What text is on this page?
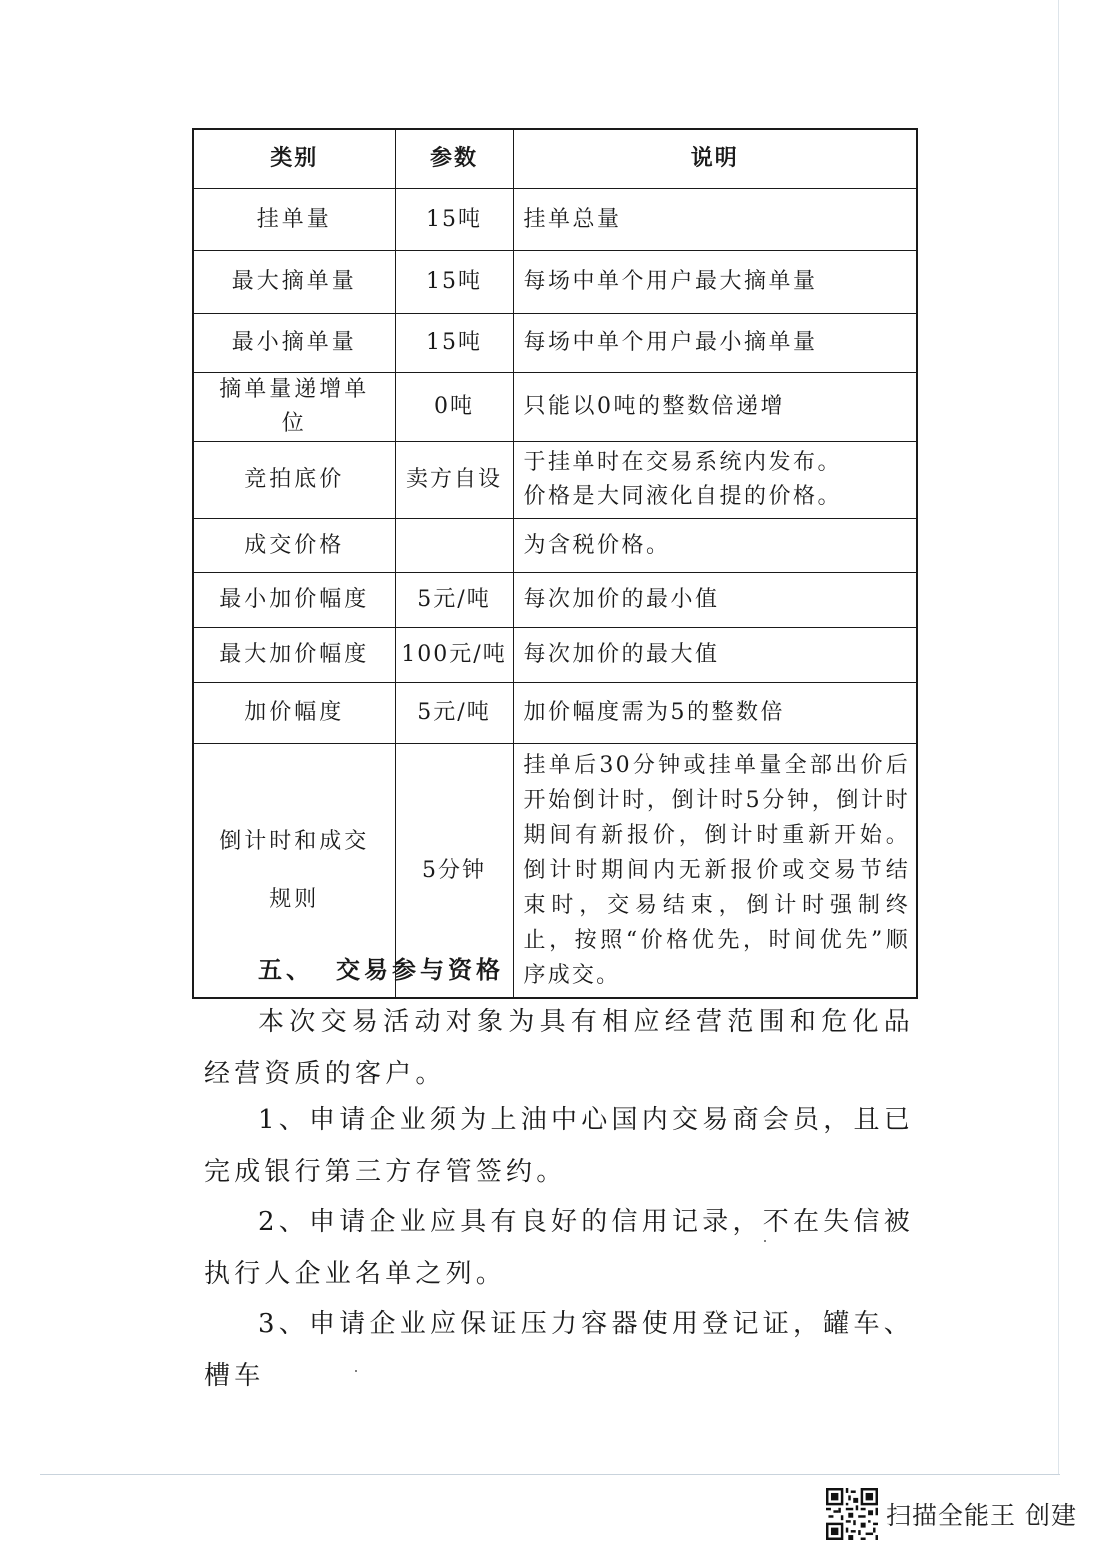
类别	参数	说明
挂单量	15吨	挂单总量
最大摘单量	15吨	每场中单个用户最大摘单量
最小摘单量	15吨	每场中单个用户最小摘单量
摘单量递增单位	0吨	只能以0吨的整数倍递增
竞拍底价	卖方自设	于挂单时在交易系统内发布。
价格是大同液化自提的价格。

成交价格		为含税价格。
最小加价幅度	5元/吨	每次加价的最小值
最大加价幅度	100元/吨	每次加价的最大值
加价幅度	5元/吨	加价幅度需为5的整数倍
倒计时和成交规则	5分钟	挂单后30分钟或挂单量全部出价后开始倒计时，倒计时5分钟，倒计时期间有新报价，倒计时重新开始。倒计时期间内无新报价或交易节结束时，交易结束，倒计时强制终止，按照“价格优先，时间优先”顺序成交。
五、 交易参与资格

本次交易活动对象为具有相应经营范围和危化品经营资质的客户。

1、申请企业须为上油中心国内交易商会员，且已完成银行第三方存管签约。

2、申请企业应具有良好的信用记录，不在失信被执行人企业名单之列。

3、申请企业应保证压力容器使用登记证，罐车、槽车

扫描全能王 创建
